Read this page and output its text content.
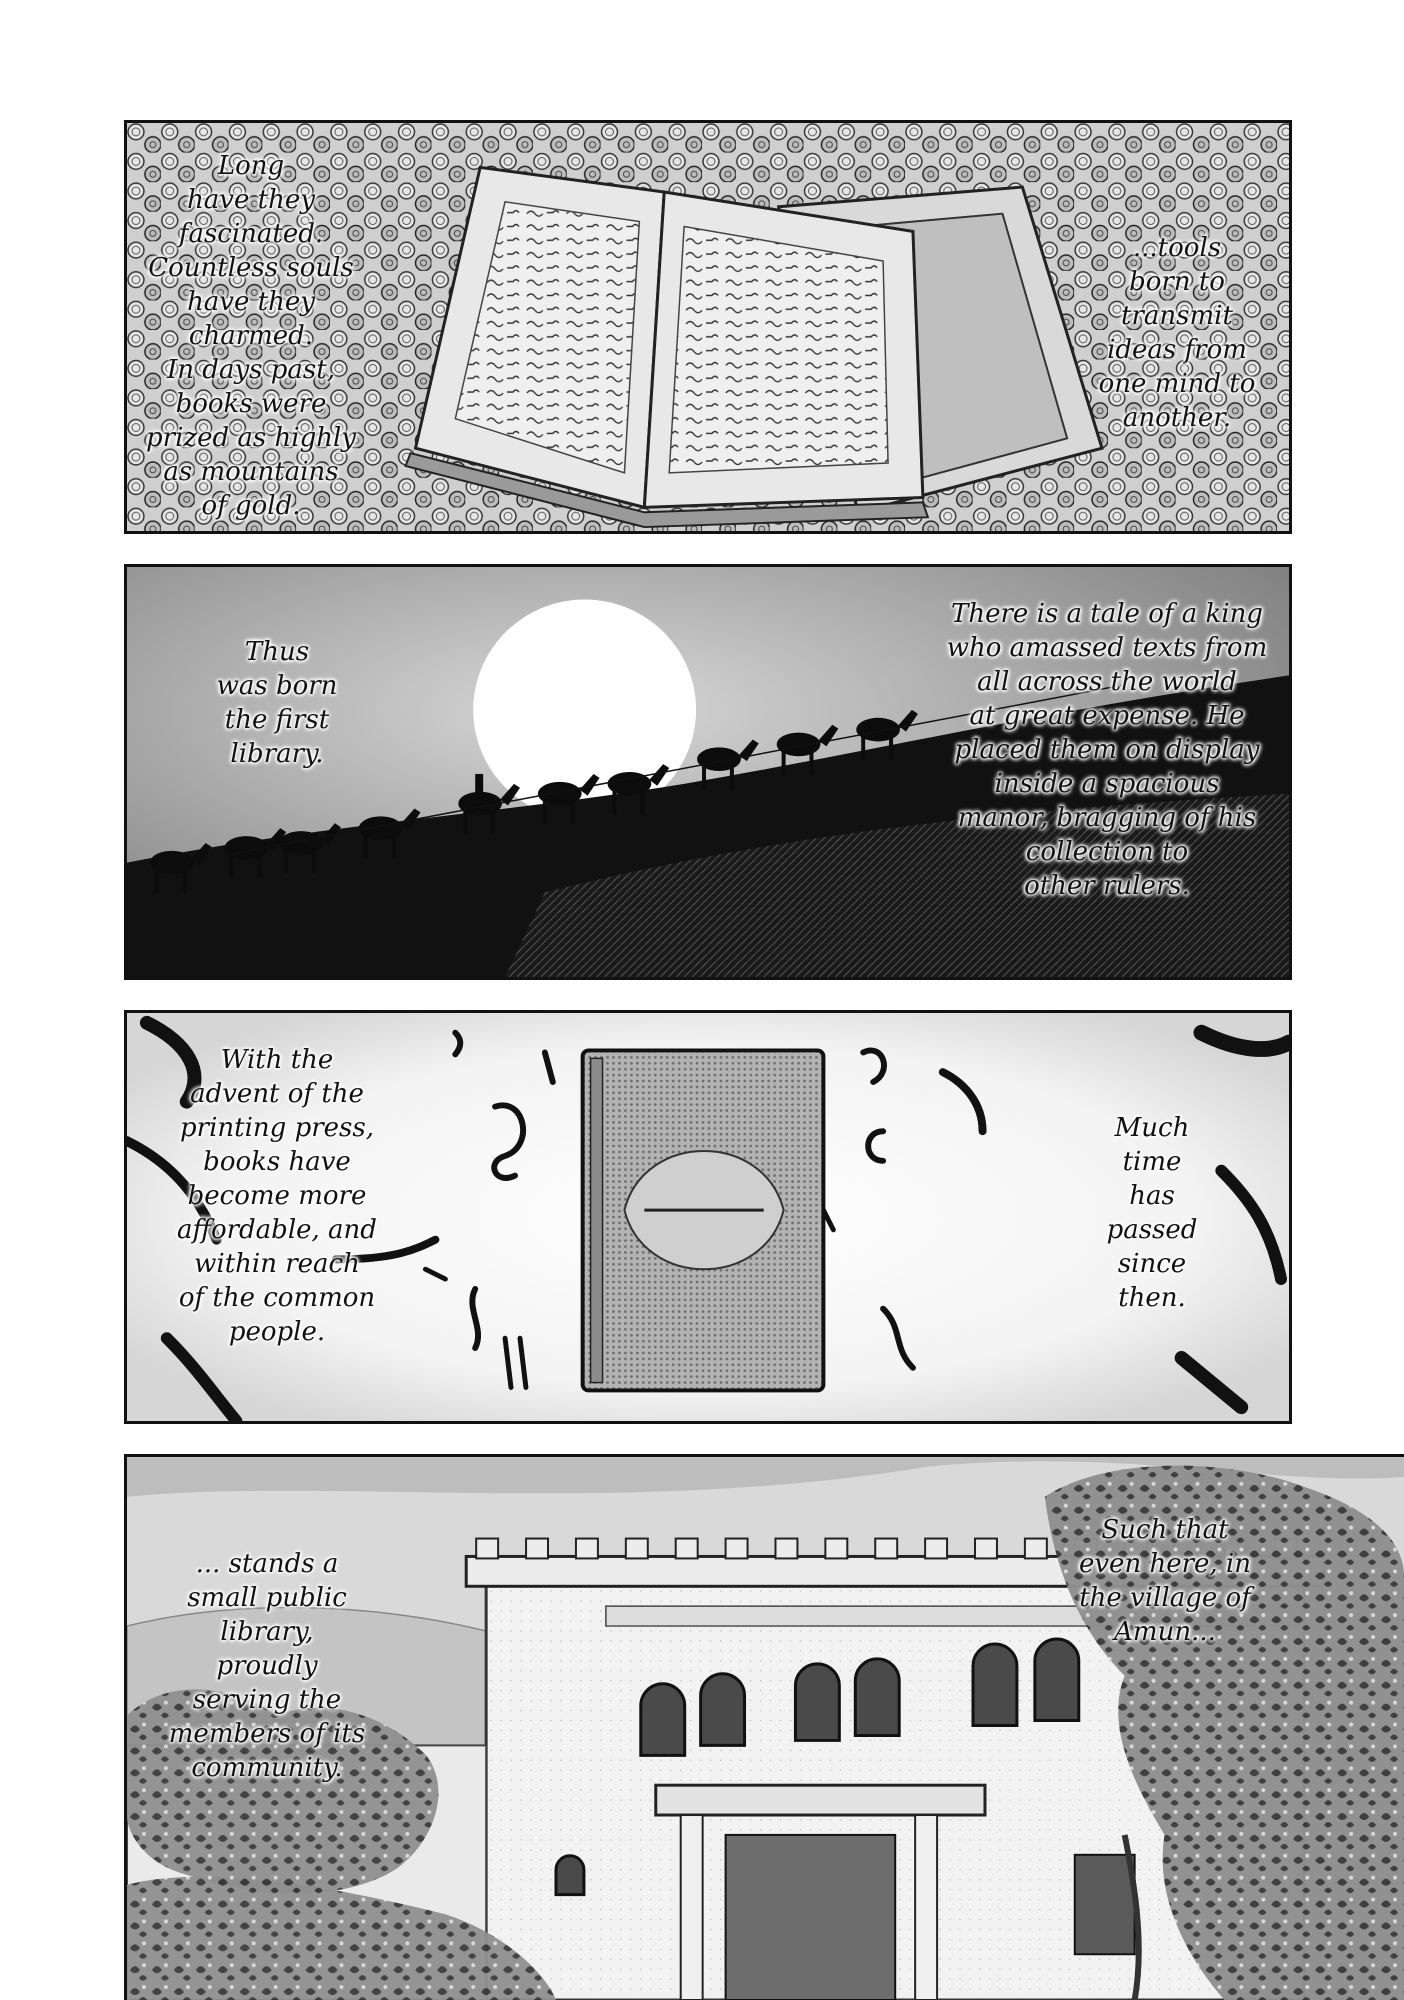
Long
have they
fascinated.
Countless souls
have they
charmed.
In days past,
books were
prized as highly
as mountains
of gold.
...tools
born to
transmit
ideas from
one mind to
another.
Thus
was born
the first
library.
There is a tale of a king
who amassed texts from
all across the world
at great expense. He
placed them on display
inside a spacious
manor, bragging of his
collection to
other rulers.
With the
advent of the
printing press,
books have
become more
affordable, and
within reach
of the common
people.
Much
time
has
passed
since
then.
Such that
even here, in
the village of
Amun...
... stands a
small public
library,
proudly
serving the
members of its
community.
